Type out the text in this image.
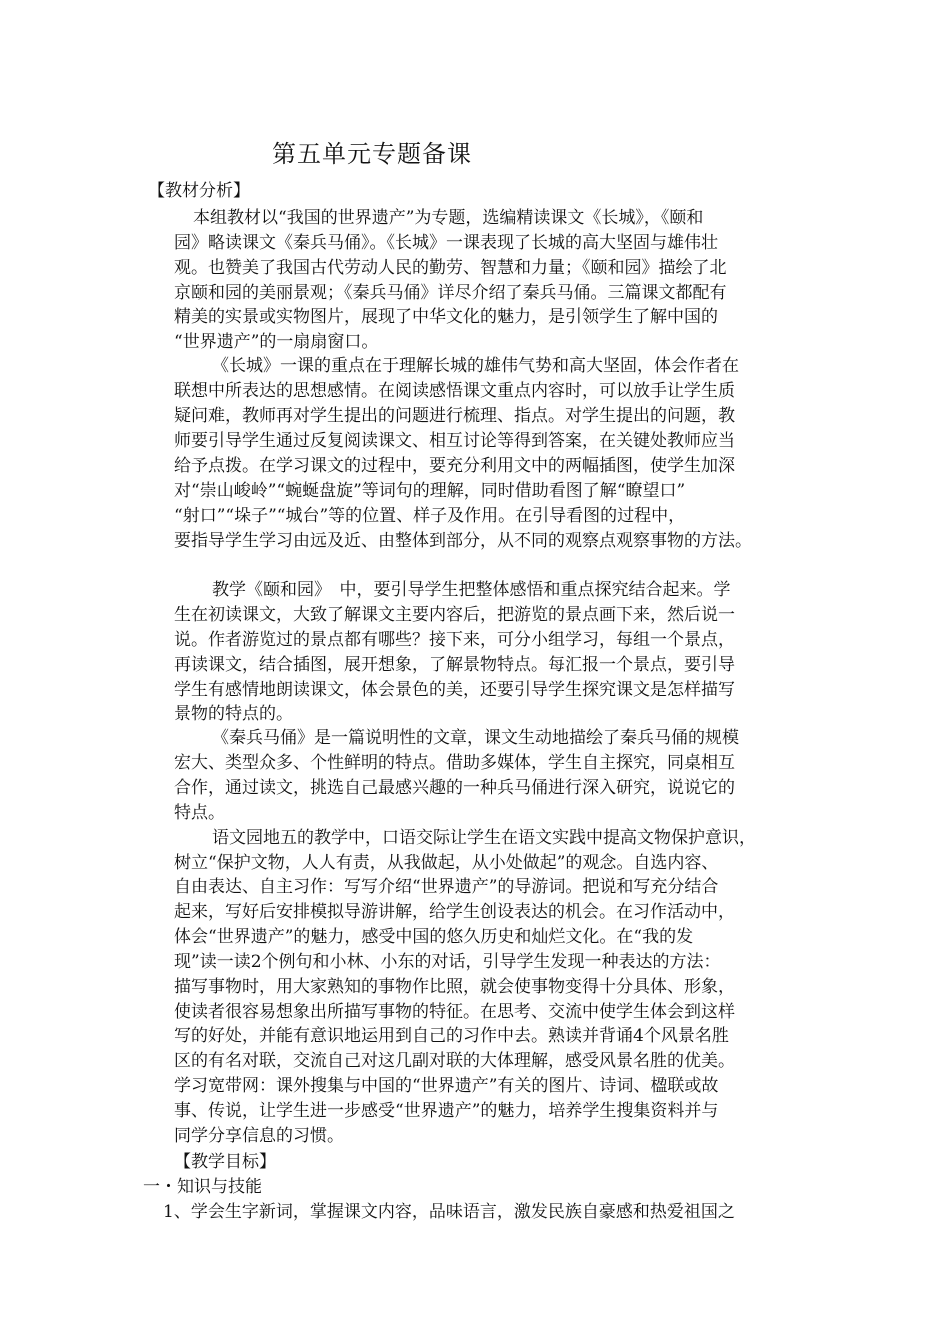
第五单元专题备课
【教材分析】
本组教材以“我国的世界遗产”为专题，选编精读课文《长城》，《颐和
园》略读课文《秦兵马俑》。《长城》一课表现了长城的高大坚固与雄伟壮
观。也赞美了我国古代劳动人民的勤劳、智慧和力量；《颐和园》描绘了北
京颐和园的美丽景观；《秦兵马俑》详尽介绍了秦兵马俑。三篇课文都配有
精美的实景或实物图片，展现了中华文化的魅力，是引领学生了解中国的
“世界遗产”的一扇扇窗口。
《长城》一课的重点在于理解长城的雄伟气势和高大坚固，体会作者在
联想中所表达的思想感情。在阅读感悟课文重点内容时，可以放手让学生质
疑问难，教师再对学生提出的问题进行梳理、指点。对学生提出的问题，教
师要引导学生通过反复阅读课文、相互讨论等得到答案，在关键处教师应当
给予点拨。在学习课文的过程中，要充分利用文中的两幅插图，使学生加深
对“崇山峻岭”“蜿蜒盘旋”等词句的理解，同时借助看图了解“瞭望口”
“射口”“垛子”“城台”等的位置、样子及作用。在引导看图的过程中，
要指导学生学习由远及近、由整体到部分，从不同的观察点观察事物的方法。
教学《颐和园》　中，要引导学生把整体感悟和重点探究结合起来。学
生在初读课文，大致了解课文主要内容后，把游览的景点画下来，然后说一
说。作者游览过的景点都有哪些？接下来，可分小组学习，每组一个景点，
再读课文，结合插图，展开想象，了解景物特点。每汇报一个景点，要引导
学生有感情地朗读课文，体会景色的美，还要引导学生探究课文是怎样描写
景物的特点的。
《秦兵马俑》是一篇说明性的文章，课文生动地描绘了秦兵马俑的规模
宏大、类型众多、个性鲜明的特点。借助多媒体，学生自主探究，同桌相互
合作，通过读文，挑选自己最感兴趣的一种兵马俑进行深入研究，说说它的
特点。
语文园地五的教学中，口语交际让学生在语文实践中提高文物保护意识，
树立“保护文物，人人有责，从我做起，从小处做起”的观念。自选内容、
自由表达、自主习作：写写介绍“世界遗产”的导游词。把说和写充分结合
起来，写好后安排模拟导游讲解，给学生创设表达的机会。在习作活动中，
体会“世界遗产”的魅力，感受中国的悠久历史和灿烂文化。在“我的发
现”读一读2个例句和小林、小东的对话，引导学生发现一种表达的方法：
描写事物时，用大家熟知的事物作比照，就会使事物变得十分具体、形象，
使读者很容易想象出所描写事物的特征。在思考、交流中使学生体会到这样
写的好处，并能有意识地运用到自己的习作中去。熟读并背诵4个风景名胜
区的有名对联，交流自己对这几副对联的大体理解，感受风景名胜的优美。
学习宽带网：课外搜集与中国的“世界遗产”有关的图片、诗词、楹联或故
事、传说，让学生进一步感受“世界遗产”的魅力，培养学生搜集资料并与
同学分享信息的习惯。
【教学目标】
一・知识与技能
1、学会生字新词，掌握课文内容，品味语言，激发民族自豪感和热爱祖国之
